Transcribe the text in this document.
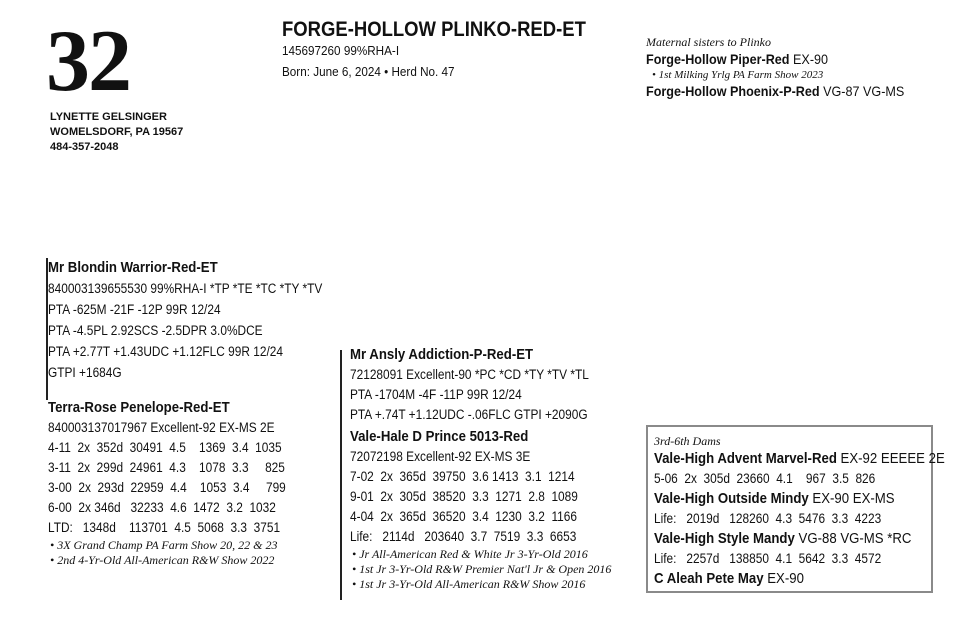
32
LYNETTE GELSINGER
WOMELSDORF, PA 19567
484-357-2048
FORGE-HOLLOW PLINKO-RED-ET
145697260 99%RHA-I
Born: June 6, 2024 • Herd No. 47
Maternal sisters to Plinko
Forge-Hollow Piper-Red EX-90
• 1st Milking Yrlg PA Farm Show 2023
Forge-Hollow Phoenix-P-Red VG-87 VG-MS
Mr Blondin Warrior-Red-ET
840003139655530 99%RHA-I *TP *TE *TC *TY *TV
PTA -625M -21F -12P 99R 12/24
PTA -4.5PL 2.92SCS -2.5DPR 3.0%DCE
PTA +2.77T +1.43UDC +1.12FLC 99R 12/24
GTPI +1684G
Terra-Rose Penelope-Red-ET
840003137017967 Excellent-92 EX-MS 2E
4-11  2x  352d  30491  4.5    1369  3.4  1035
3-11  2x  299d  24961  4.3    1078  3.3     825
3-00  2x  293d  22959  4.4    1053  3.4     799
6-00  2x 346d   32233  4.6  1472  3.2  1032
LTD:   1348d    113701  4.5  5068  3.3  3751
• 3X Grand Champ PA Farm Show 20, 22 & 23
• 2nd 4-Yr-Old All-American R&W Show 2022
Mr Ansly Addiction-P-Red-ET
72128091 Excellent-90 *PC *CD *TY *TV *TL
PTA -1704M -4F -11P 99R 12/24
PTA +.74T +1.12UDC -.06FLC GTPI +2090G
Vale-Hale D Prince 5013-Red
72072198 Excellent-92 EX-MS 3E
7-02  2x  365d  39750  3.6 1413  3.1  1214
9-01  2x  305d  38520  3.3  1271  2.8  1089
4-04  2x  365d  36520  3.4  1230  3.2  1166
Life:   2114d   203640  3.7  7519  3.3  6653
• Jr All-American Red & White Jr 3-Yr-Old 2016
• 1st Jr 3-Yr-Old R&W Premier Nat'l Jr & Open 2016
• 1st Jr 3-Yr-Old All-American R&W Show 2016
3rd-6th Dams
Vale-High Advent Marvel-Red EX-92 EEEEE 2E
5-06  2x  305d  23660  4.1    967  3.5  826
Vale-High Outside Mindy EX-90 EX-MS
Life:   2019d   128260  4.3  5476  3.3  4223
Vale-High Style Mandy VG-88 VG-MS *RC
Life:   2257d   138850  4.1  5642  3.3  4572
C Aleah Pete May EX-90
